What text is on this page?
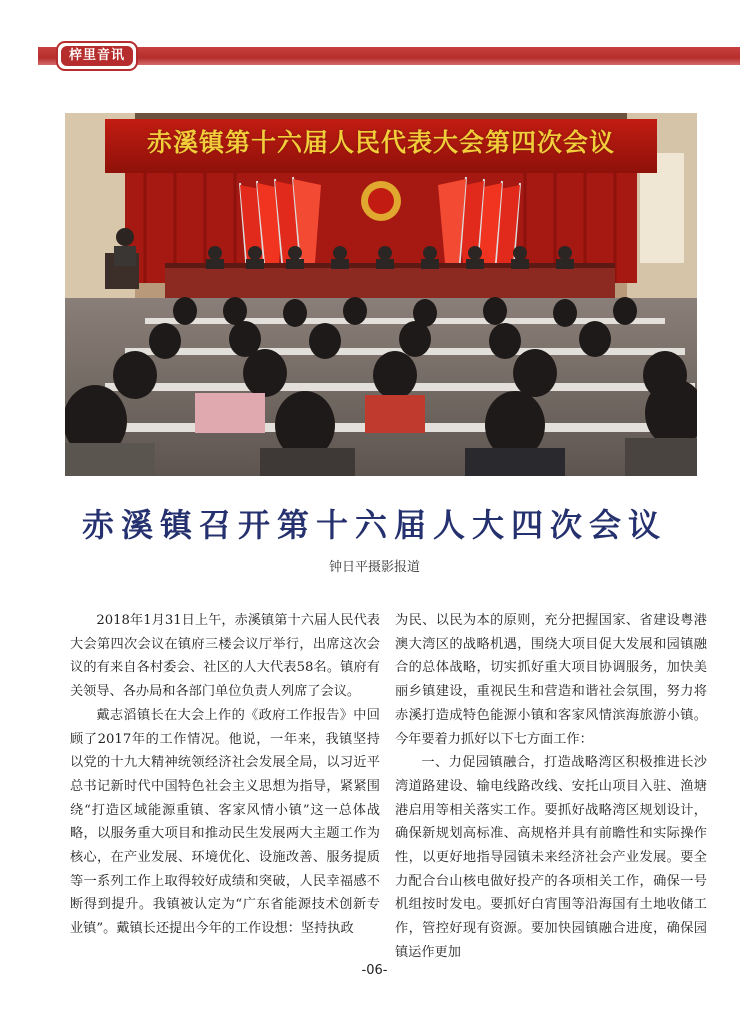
梓里音讯
赤溪镇第十六届人民代表大会第四次会议
赤溪镇召开第十六届人大四次会议
钟日平摄影报道

2018年1月31日上午，赤溪镇第十六届人民代表大会第四次会议在镇府三楼会议厅举行，出席这次会议的有来自各村委会、社区的人大代表58名。镇府有关领导、各办局和各部门单位负责人列席了会议。

戴志滔镇长在大会上作的《政府工作报告》中回顾了2017年的工作情况。他说，一年来，我镇坚持以党的十九大精神统领经济社会发展全局，以习近平总书记新时代中国特色社会主义思想为指导，紧紧围绕“打造区域能源重镇、客家风情小镇”这一总体战略，以服务重大项目和推动民生发展两大主题工作为核心，在产业发展、环境优化、设施改善、服务提质等一系列工作上取得较好成绩和突破，人民幸福感不断得到提升。我镇被认定为“广东省能源技术创新专业镇”。戴镇长还提出今年的工作设想：坚持执政

为民、以民为本的原则，充分把握国家、省建设粤港澳大湾区的战略机遇，围绕大项目促大发展和园镇融合的总体战略，切实抓好重大项目协调服务，加快美丽乡镇建设，重视民生和营造和谐社会氛围，努力将赤溪打造成特色能源小镇和客家风情滨海旅游小镇。今年要着力抓好以下七方面工作：

一、力促园镇融合，打造战略湾区积极推进长沙湾道路建设、输电线路改线、安托山项目入驻、渔塘港启用等相关落实工作。要抓好战略湾区规划设计，确保新规划高标准、高规格并具有前瞻性和实际操作性，以更好地指导园镇未来经济社会产业发展。要全力配合台山核电做好投产的各项相关工作，确保一号机组按时发电。要抓好白宵围等沿海国有土地收储工作，管控好现有资源。要加快园镇融合进度，确保园镇运作更加

-06-
